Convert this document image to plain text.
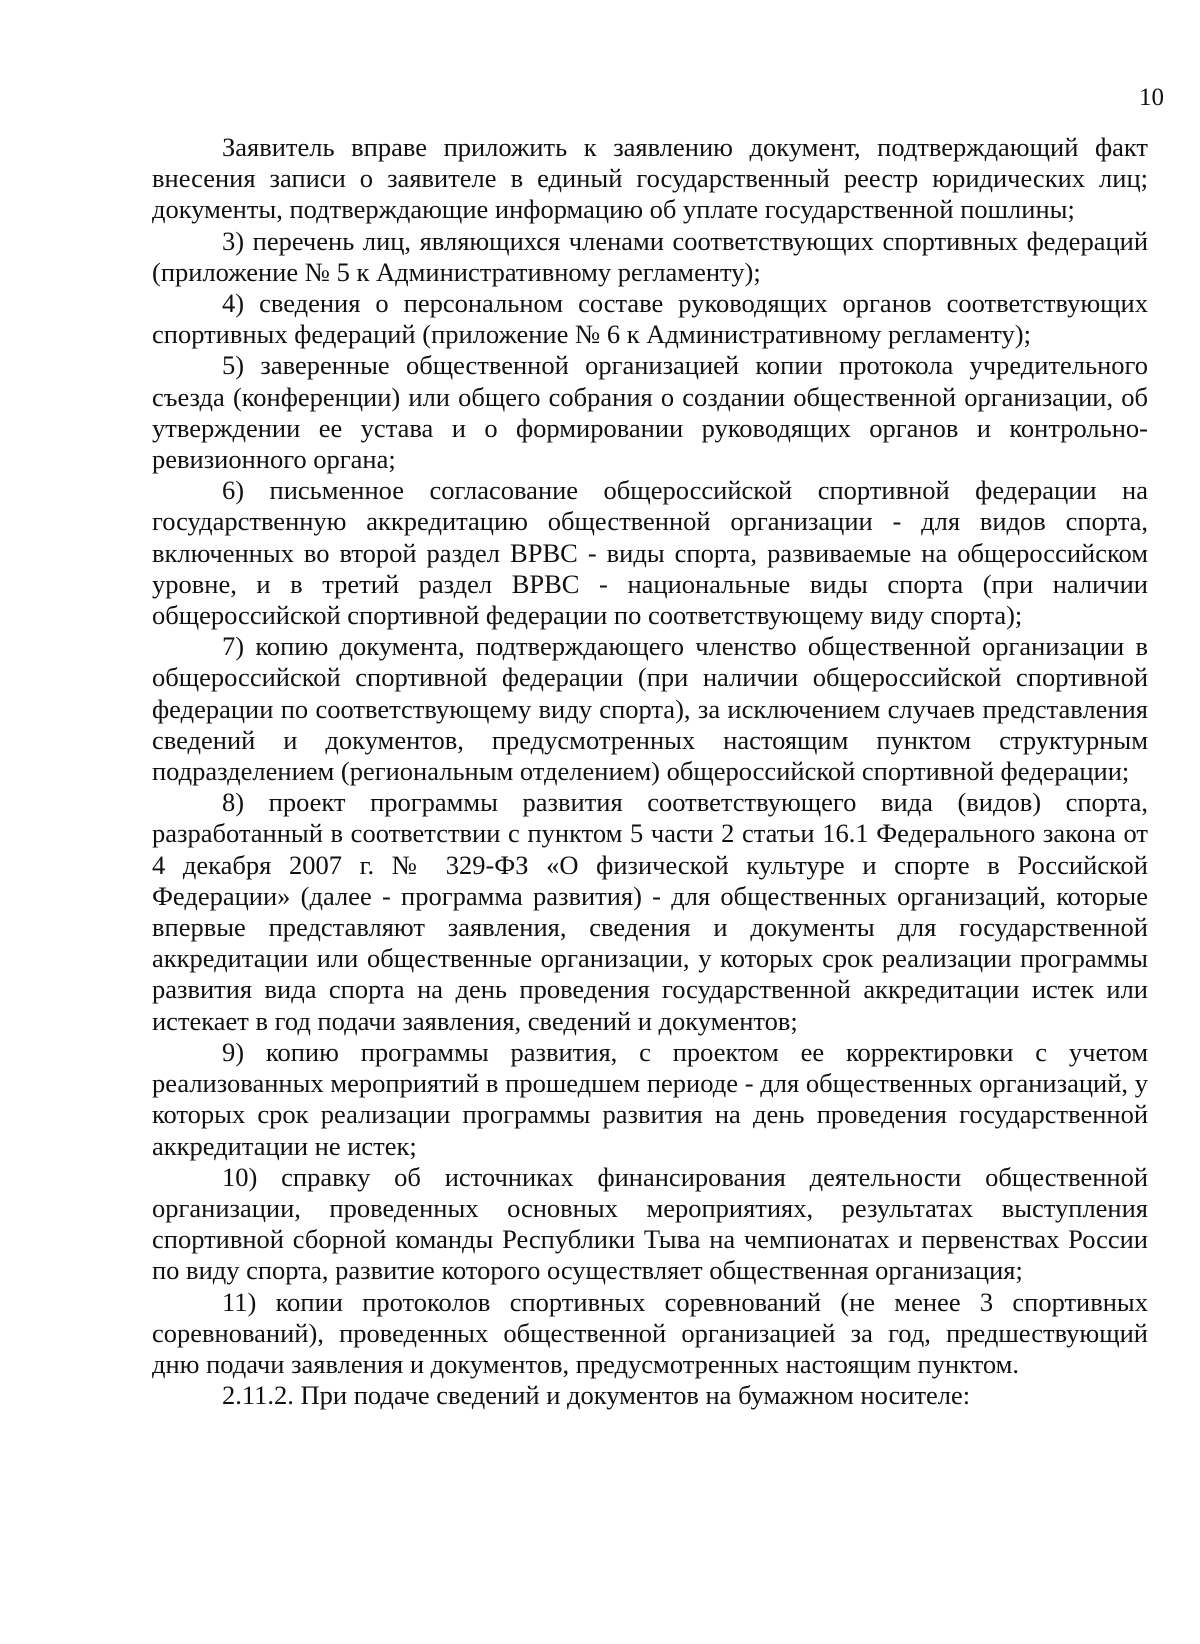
10

Заявитель вправе приложить к заявлению документ, подтверждающий факт внесения записи о заявителе в единый государственный реестр юридических лиц; документы, подтверждающие информацию об уплате государственной пошлины;

3) перечень лиц, являющихся членами соответствующих спортивных федераций (приложение № 5 к Административному регламенту);

4) сведения о персональном составе руководящих органов соответствующих спортивных федераций (приложение № 6 к Административному регламенту);

5) заверенные общественной организацией копии протокола учредительного съезда (конференции) или общего собрания о создании общественной организации, об утверждении ее устава и о формировании руководящих органов и контрольно-ревизионного органа;

6) письменное согласование общероссийской спортивной федерации на государственную аккредитацию общественной организации - для видов спорта, включенных во второй раздел ВРВС - виды спорта, развиваемые на общероссийском уровне, и в третий раздел ВРВС - национальные виды спорта (при наличии общероссийской спортивной федерации по соответствующему виду спорта);

7) копию документа, подтверждающего членство общественной организации в общероссийской спортивной федерации (при наличии общероссийской спортивной федерации по соответствующему виду спорта), за исключением случаев представления сведений и документов, предусмотренных настоящим пунктом структурным подразделением (региональным отделением) общероссийской спортивной федерации;

8) проект программы развития соответствующего вида (видов) спорта, разработанный в соответствии с пунктом 5 части 2 статьи 16.1 Федерального закона от 4 декабря 2007 г. № 329-ФЗ «О физической культуре и спорте в Российской Федерации» (далее - программа развития) - для общественных организаций, которые впервые представляют заявления, сведения и документы для государственной аккредитации или общественные организации, у которых срок реализации программы развития вида спорта на день проведения государственной аккредитации истек или истекает в год подачи заявления, сведений и документов;

9) копию программы развития, с проектом ее корректировки с учетом реализованных мероприятий в прошедшем периоде - для общественных организаций, у которых срок реализации программы развития на день проведения государственной аккредитации не истек;

10) справку об источниках финансирования деятельности общественной организации, проведенных основных мероприятиях, результатах выступления спортивной сборной команды Республики Тыва на чемпионатах и первенствах России по виду спорта, развитие которого осуществляет общественная организация;

11) копии протоколов спортивных соревнований (не менее 3 спортивных соревнований), проведенных общественной организацией за год, предшествующий дню подачи заявления и документов, предусмотренных настоящим пунктом.

2.11.2. При подаче сведений и документов на бумажном носителе:
